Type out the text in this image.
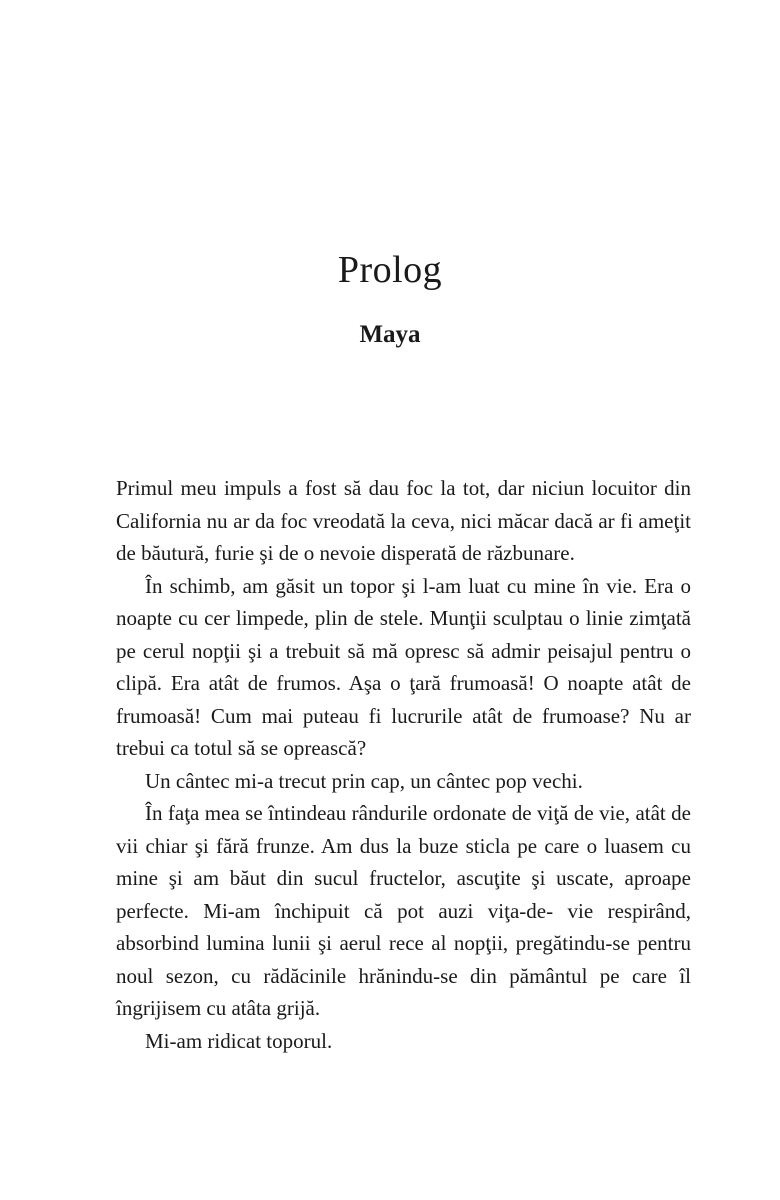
Prolog
Maya

Primul meu impuls a fost să dau foc la tot, dar niciun locuitor din California nu ar da foc vreodată la ceva, nici măcar dacă ar fi ameţit de băutură, furie şi de o nevoie disperată de răzbunare.

În schimb, am găsit un topor şi l-am luat cu mine în vie. Era o noapte cu cer limpede, plin de stele. Munţii sculptau o linie zimţată pe cerul nopţii şi a trebuit să mă opresc să admir peisajul pentru o clipă. Era atât de frumos. Aşa o ţară frumoasă! O noapte atât de frumoasă! Cum mai puteau fi lucrurile atât de frumoase? Nu ar trebui ca totul să se oprească?

Un cântec mi-a trecut prin cap, un cântec pop vechi.

În faţa mea se întindeau rândurile ordonate de viţă de vie, atât de vii chiar şi fără frunze. Am dus la buze sticla pe care o luasem cu mine şi am băut din sucul fructelor, ascuţite şi uscate, aproape perfecte. Mi-am închipuit că pot auzi viţa-de- vie respirând, absorbind lumina lunii şi aerul rece al nopţii, pregătindu-se pentru noul sezon, cu rădăcinile hrănindu-se din pământul pe care îl îngrijisem cu atâta grijă.

Mi-am ridicat toporul.
